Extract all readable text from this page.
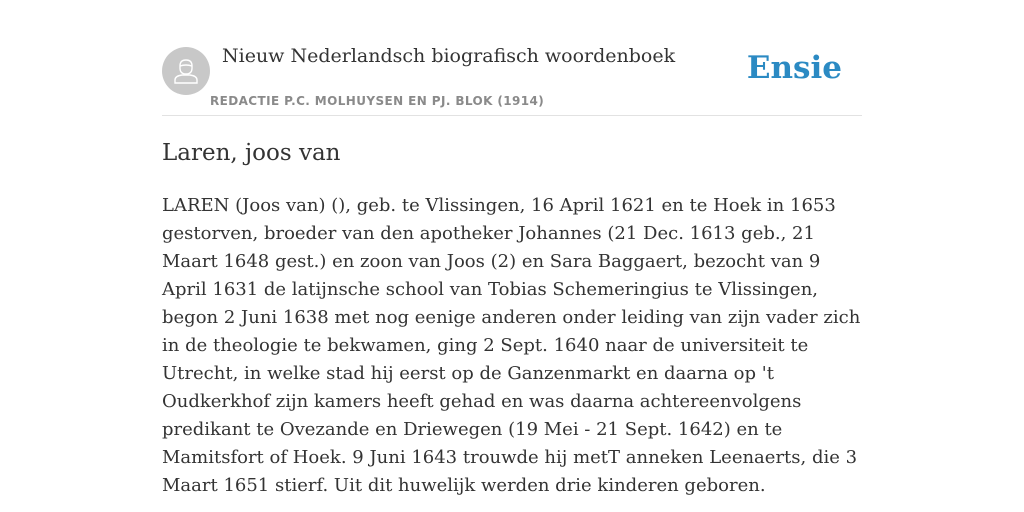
Nieuw Nederlandsch biografisch woordenboek
REDACTIE P.C. MOLHUYSEN EN PJ. BLOK (1914)
Ensie
Laren, joos van

LAREN (Joos van) (), geb. te Vlissingen, 16 April 1621 en te Hoek in 1653 gestorven, broeder van den apotheker Johannes (21 Dec. 1613 geb., 21 Maart 1648 gest.) en zoon van Joos (2) en Sara Baggaert, bezocht van 9 April 1631 de latijnsche school van Tobias Schemeringius te Vlissingen, begon 2 Juni 1638 met nog eenige anderen onder leiding van zijn vader zich in de theologie te bekwamen, ging 2 Sept. 1640 naar de universiteit te Utrecht, in welke stad hij eerst op de Ganzenmarkt en daarna op 't Oudkerkhof zijn kamers heeft gehad en was daarna achtereenvolgens predikant te Ovezande en Driewegen (19 Mei - 21 Sept. 1642) en te Mamitsfort of Hoek. 9 Juni 1643 trouwde hij metT anneken Leenaerts, die 3 Maart 1651 stierf. Uit dit huwelijk werden drie kinderen geboren.
